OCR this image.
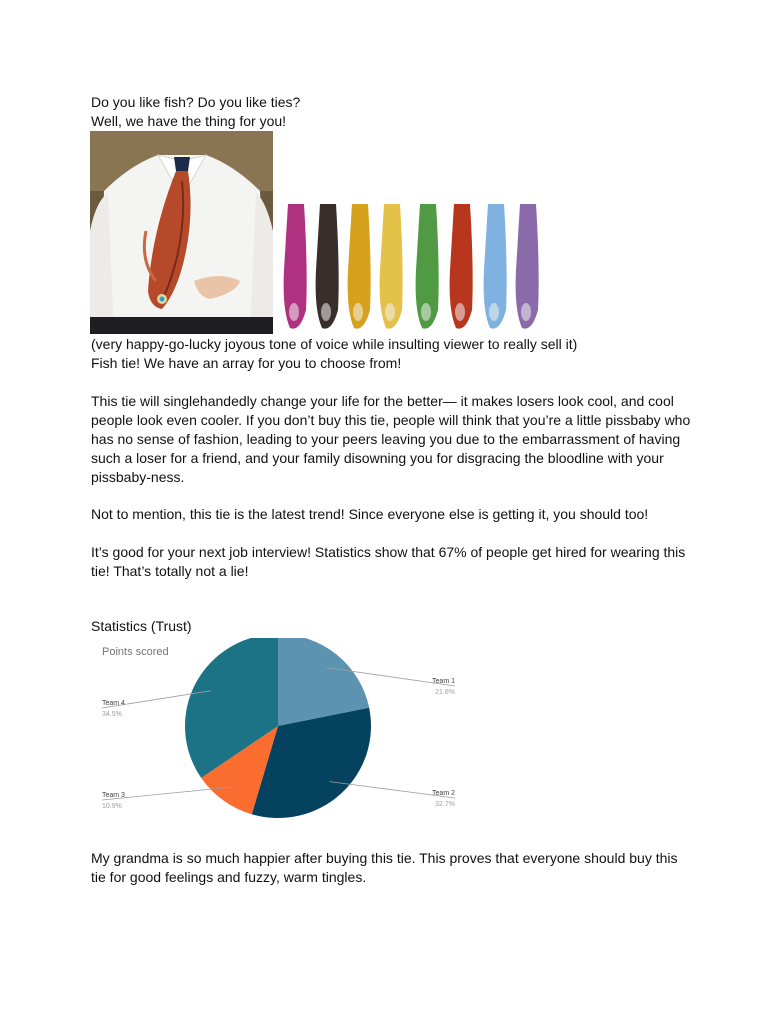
Do you like fish? Do you like ties?

Well, we have the thing for you!

(very happy-go-lucky joyous tone of voice while insulting viewer to really sell it)

Fish tie! We have an array for you to choose from!

This tie will singlehandedly change your life for the better— it makes losers look cool, and cool people look even cooler. If you don’t buy this tie, people will think that you’re a little pissbaby who has no sense of fashion, leading to your peers leaving you due to the embarrassment of having such a loser for a friend, and your family disowning you for disgracing the bloodline with your pissbaby-ness.

Not to mention, this tie is the latest trend! Since everyone else is getting it, you should too!

It’s good for your next job interview! Statistics show that 67% of people get hired for wearing this tie! That’s totally not a lie!

Statistics (Trust)

Points scored
Team 1
21.8%
Team 2
32.7%
Team 3
10.9%
Team 4
34.5%

My grandma is so much happier after buying this tie. This proves that everyone should buy this tie for good feelings and fuzzy, warm tingles.
